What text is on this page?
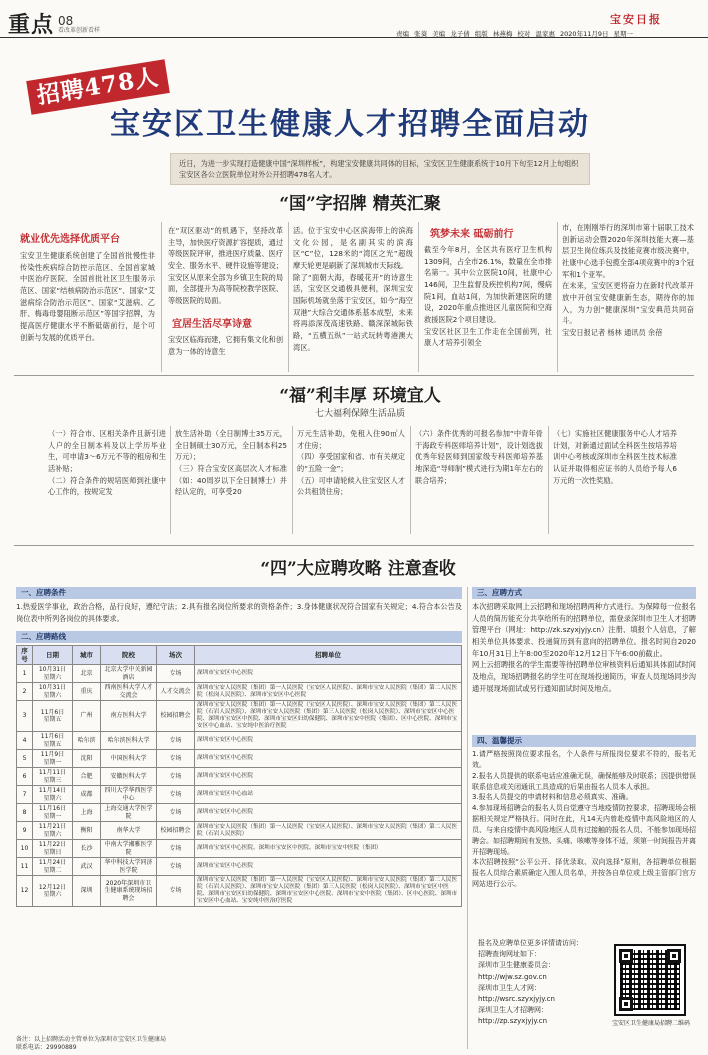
重点 08
看改革创新看样	责编 张葵 美编 龙子倩 组版 林燕梅 校对 温家惠 2020年11月9日 星期一
宝安日报
招聘478人
宝安区卫生健康人才招聘全面启动
近日，为进一步实现打造健康中国“深圳样板”，构建宝安健康共同体的目标，宝安区卫生健康系统于10月下旬至12月上旬组织宝安区各公立医院单位对外公开招聘478名人才。
“国”字招牌 精英汇聚
就业优先选择优质平台
宝安卫生健康系统创建了全国首批慢性非传染性疾病综合防控示范区、全国首家城中医治疗医院、全国首批社区卫生服务示范区、国家“结核病防治示范区”、国家“艾滋病综合防治示范区”、国家“艾滋病、乙肝、梅毒母婴阻断示范区”等国字招牌，为提高医疗健康水平不断砥砺前行，是个可创新与发展的优质平台。
在“双区驱动”的机遇下，坚持改革主导，加快医疗资源扩容提质，通过等级医院评审，推进医疗质量、医疗安全、服务水平、硬件设施等建设；宝安区从原来全部为乡镇卫生院的局面，全部提升为高等院校教学医院、等级医院的局面。
宜居生活尽享诗意
宝安区临海而建，它拥有集文化和创意为一体的诗意生
活。位于宝安中心区滨海带上的滨海文化公园，是名副其实的滨海区“C”位，128米的“湾区之光”超级摩天轮更是刷新了深圳城市天际线。
除了“面朝大海，春暖花开”的诗意生活，宝安区交通极具便利，深圳宝安国际机场就坐落于宝安区，如今“海空双港”大综合交通体系基本成型，未来将再添深茂高速铁路、赣深深城际铁路，“五横五纵”一站式玩转粤港澳大湾区。
筑梦未来 砥砺前行
截至今年8月，全区共有医疗卫生机构1309间，占全市26.1%，数量在全市排名第一。其中公立医院10间，社康中心146间，卫生监督及疾控机构7间，慢病院1间，血站1间，为加快新建医院的建设，2020年重点推进区儿童医院和空海救援医院2个项目建设。
宝安区社区卫生工作走在全国前列，社康人才培养引领全
市，在刚刚举行的深圳市第十届职工技术创新运动会暨2020年深圳技能大赛—基层卫生岗位练兵及技能竞赛市级决赛中，社康中心选手包揽全部4项竞赛中的3个冠军和1个亚军。
在未来，宝安区更将奋力在新时代改革开放中开创宝安健康新生态，期待你的加入，为力创“健康深圳”宝安典范共同奋斗。
宝安日报记者 杨林 通讯员 余蓓
“福”利丰厚 环境宜人
七大福利保障生活品质
（一）符合市、区相关条件且新引进人户的全日制本科及以上学历毕业生，可申请3～6万元不等的租房和生活补贴；
（二）符合条件的规培医师到社康中心工作的，按规定发
放生活补助（全日制博士35万元，全日制硕士30万元，全日制本科25万元）；
（三）符合宝安区高层次人才标准（如：40周岁以下全日制博士）并经认定的，可享受20
万元生活补助，免租入住90㎡人才住房；
（四）享受国家和省、市有关规定的“五险一金”；
（五）可申请轮候入住宝安区人才公共租赁住房；
（六）条件优秀的可报名参加“中青年骨干海政专科医师培养计划”，设计划选拔优秀年轻医师到国家级专科医师培养基地深造“导师制”模式进行为期1年左右的联合培养；
（七）实施社区健康服务中心人才培养计划，对新通过面试全科医生按培养培训中心考核或深圳市全科医生技术标准认证并取得相应证书的人员给予每人6万元的一次性奖励。
“四”大应聘攻略 注意查收
一、应聘条件
1.热爱医学事业，政治合格，品行良好，遵纪守法；2.具有报名岗位所要求的资格条件；3.身体健康状况符合国家有关规定；4.符合本公告及岗位表中所列各岗位的具体要求。
二、应聘路线
序号	日期	城市	院校	场次	招聘单位
1	10月31日
星期六	北京	北京大学中关新园酒店	专场	深圳市宝安区中心医院
2	10月31日
星期六	重庆	西南医科大学人才交流会	人才交流会	深圳市宝安人民医院（集团）第一人民医院（宝安区人民医院）、深圳市宝安人民医院（集团）第二人民医院（松岗人民医院）、深圳市宝安区中心医院
3	11月6日
星期五	广州	南方医科大学	校园招聘会	深圳市宝安人民医院（集团）第一人民医院（宝安区人民医院）、深圳市宝安人民医院（集团）第二人民医院（石岩人民医院）、深圳市宝安人民医院（集团）第三人民医院（松岗人民医院）、深圳市宝安区中心医院、深圳市宝安区中医院、深圳市宝安区妇幼保健院、深圳市宝安中医院（集团）、区中心医院、深圳市宝安区中心血站、宝安纯中医治疗医院
4	11月6日
星期五	哈尔滨	哈尔滨医科大学	专场	深圳市宝安区中心医院
5	11月9日
星期一	沈阳	中国医科大学	专场	深圳市宝安区中心医院
6	11月11日
星期三	合肥	安徽医科大学	专场	深圳市宝安区中心医院
7	11月14日
星期六	成都	四川大学华西医学中心	专场	深圳市宝安区中心血站
8	11月16日
星期一	上海	上海交通大学医学院	专场	深圳市宝安区中心医院
9	11月21日
星期六	衡阳	南华大学	校园招聘会	深圳市宝安人民医院（集团）第一人民医院（宝安区人民医院）、深圳市宝安人民医院（集团）第二人民医院（石岩人民医院）
10	11月22日
星期日	长沙	中南大学湘雅医学院	专场	深圳市宝安区中心医院、深圳市宝安区中医院、深圳市宝安中医院（集团）
11	11月24日
星期二	武汉	华中科技大学同济医学院	专场	深圳市宝安区中心医院
12	12月12日
星期六	深圳	2020年深圳市卫生健康系统现场招聘会	专场	深圳市宝安人民医院（集团）第一人民医院（宝安区人民医院）、深圳市宝安人民医院（集团）第二人民医院（石岩人民医院）、深圳市宝安人民医院（集团）第三人民医院（松岗人民医院）、深圳市宝安区中医院、深圳市宝安区妇幼保健院、深圳市宝安区中心医院、深圳市宝安中医院（集团）、区中心医院、深圳市宝安区中心血站、宝安纯中医治疗医院
备注：以上招聘活动主管单位为深圳市宝安区卫生健康局
联系电话：29990889
三、应聘方式
本次招聘采取网上云招聘和现场招聘两种方式进行。为保障每一位报名人员的简历能充分共享给所有的招聘单位，需登录深圳市卫生人才招聘管理平台（网址：http://zk.szyxjyjy.cn）注册、填报个人信息，了解相关单位具体要求、投递简历到有意向的招聘单位。报名时间自2020年10月31日上午8:00至2020年12月12日下午6:00前截止。
网上云招聘报名的学生需要等待招聘单位审核资料后通知具体面试时间及地点，现场招聘报名的学生可在现场投递简历，审查人员现场同步沟通开展现场面试或另行通知面试时间及地点。
四、温馨提示
1.请严格按照岗位要求报名，个人条件与所报岗位要求不符的，报名无效。
2.报名人员提供的联系电话应准确无误，确保能够及时联系；因提供错误联系信息或关闭通讯工具造成的后果由报名人员本人承担。
3.报名人员提交的申请材料和信息必须真实、准确。
4.参加现场招聘会的报名人员自觉遵守当地疫情防控要求，招聘现场会根据相关规定严格执行。同时在此，凡14天内曾赴疫情中高风险地区的人员、与来自疫情中高风险地区人员有过接触的报名人员、不能参加现场招聘会。如招聘期间有发热、头痛、咳嗽等身体不适，须第一时间报告并离开招聘现场。
本次招聘按照“公平公开、择优录取、双向选择”原则，各招聘单位根据报名人员综合素质确定入围人员名单，并按各自单位或上级主管部门官方网站进行公示。
报名及应聘单位更多详情请访问：
招聘查询网址如下：
深圳市卫生健康委员会：
http://wjw.sz.gov.cn
深圳市卫生人才网：
http://wsrc.szyxjyjy.cn
深圳卫生人才招聘网：
http://zp.szyxjyjy.cn	宝安区卫生健康局招聘二维码
